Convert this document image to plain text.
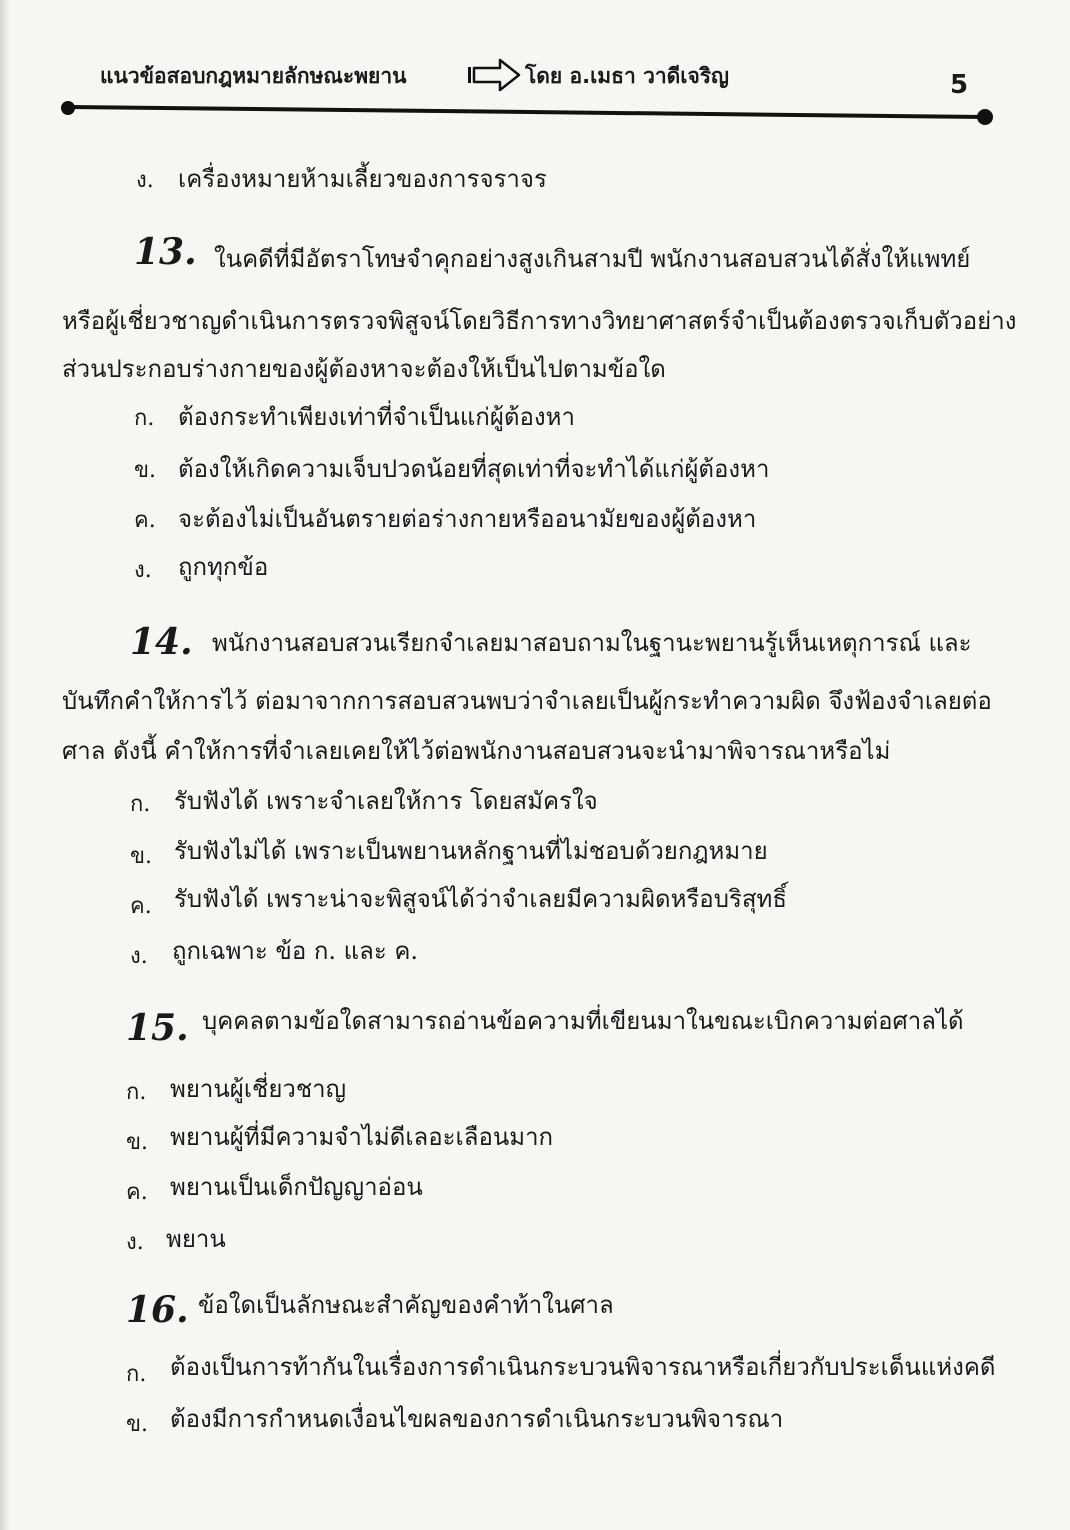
แนวข้อสอบกฎหมายลักษณะพยาน	โดย อ.เมธา วาดีเจริญ	5
ง. เครื่องหมายห้ามเลี้ยวของการจราจร
13. ในคดีที่มีอัตราโทษจำคุกอย่างสูงเกินสามปี พนักงานสอบสวนได้สั่งให้แพทย์
หรือผู้เชี่ยวชาญดำเนินการตรวจพิสูจน์โดยวิธีการทางวิทยาศาสตร์จำเป็นต้องตรวจเก็บตัวอย่าง
ส่วนประกอบร่างกายของผู้ต้องหาจะต้องให้เป็นไปตามข้อใด
ก. ต้องกระทำเพียงเท่าที่จำเป็นแก่ผู้ต้องหา
ข. ต้องให้เกิดความเจ็บปวดน้อยที่สุดเท่าที่จะทำได้แก่ผู้ต้องหา
ค. จะต้องไม่เป็นอันตรายต่อร่างกายหรืออนามัยของผู้ต้องหา
ง. ถูกทุกข้อ
14. พนักงานสอบสวนเรียกจำเลยมาสอบถามในฐานะพยานรู้เห็นเหตุการณ์ และ
บันทึกคำให้การไว้ ต่อมาจากการสอบสวนพบว่าจำเลยเป็นผู้กระทำความผิด จึงฟ้องจำเลยต่อ
ศาล ดังนี้ คำให้การที่จำเลยเคยให้ไว้ต่อพนักงานสอบสวนจะนำมาพิจารณาหรือไม่
ก. รับฟังได้ เพราะจำเลยให้การ โดยสมัครใจ
ข. รับฟังไม่ได้ เพราะเป็นพยานหลักฐานที่ไม่ชอบด้วยกฎหมาย
ค. รับฟังได้ เพราะน่าจะพิสูจน์ได้ว่าจำเลยมีความผิดหรือบริสุทธิ์
ง. ถูกเฉพาะ ข้อ ก. และ ค.
15. บุคคลตามข้อใดสามารถอ่านข้อความที่เขียนมาในขณะเบิกความต่อศาลได้
ก. พยานผู้เชี่ยวชาญ
ข. พยานผู้ที่มีความจำไม่ดีเลอะเลือนมาก
ค. พยานเป็นเด็กปัญญาอ่อน
ง. พยาน
16. ข้อใดเป็นลักษณะสำคัญของคำท้าในศาล
ก. ต้องเป็นการท้ากันในเรื่องการดำเนินกระบวนพิจารณาหรือเกี่ยวกับประเด็นแห่งคดี
ข. ต้องมีการกำหนดเงื่อนไขผลของการดำเนินกระบวนพิจารณา
